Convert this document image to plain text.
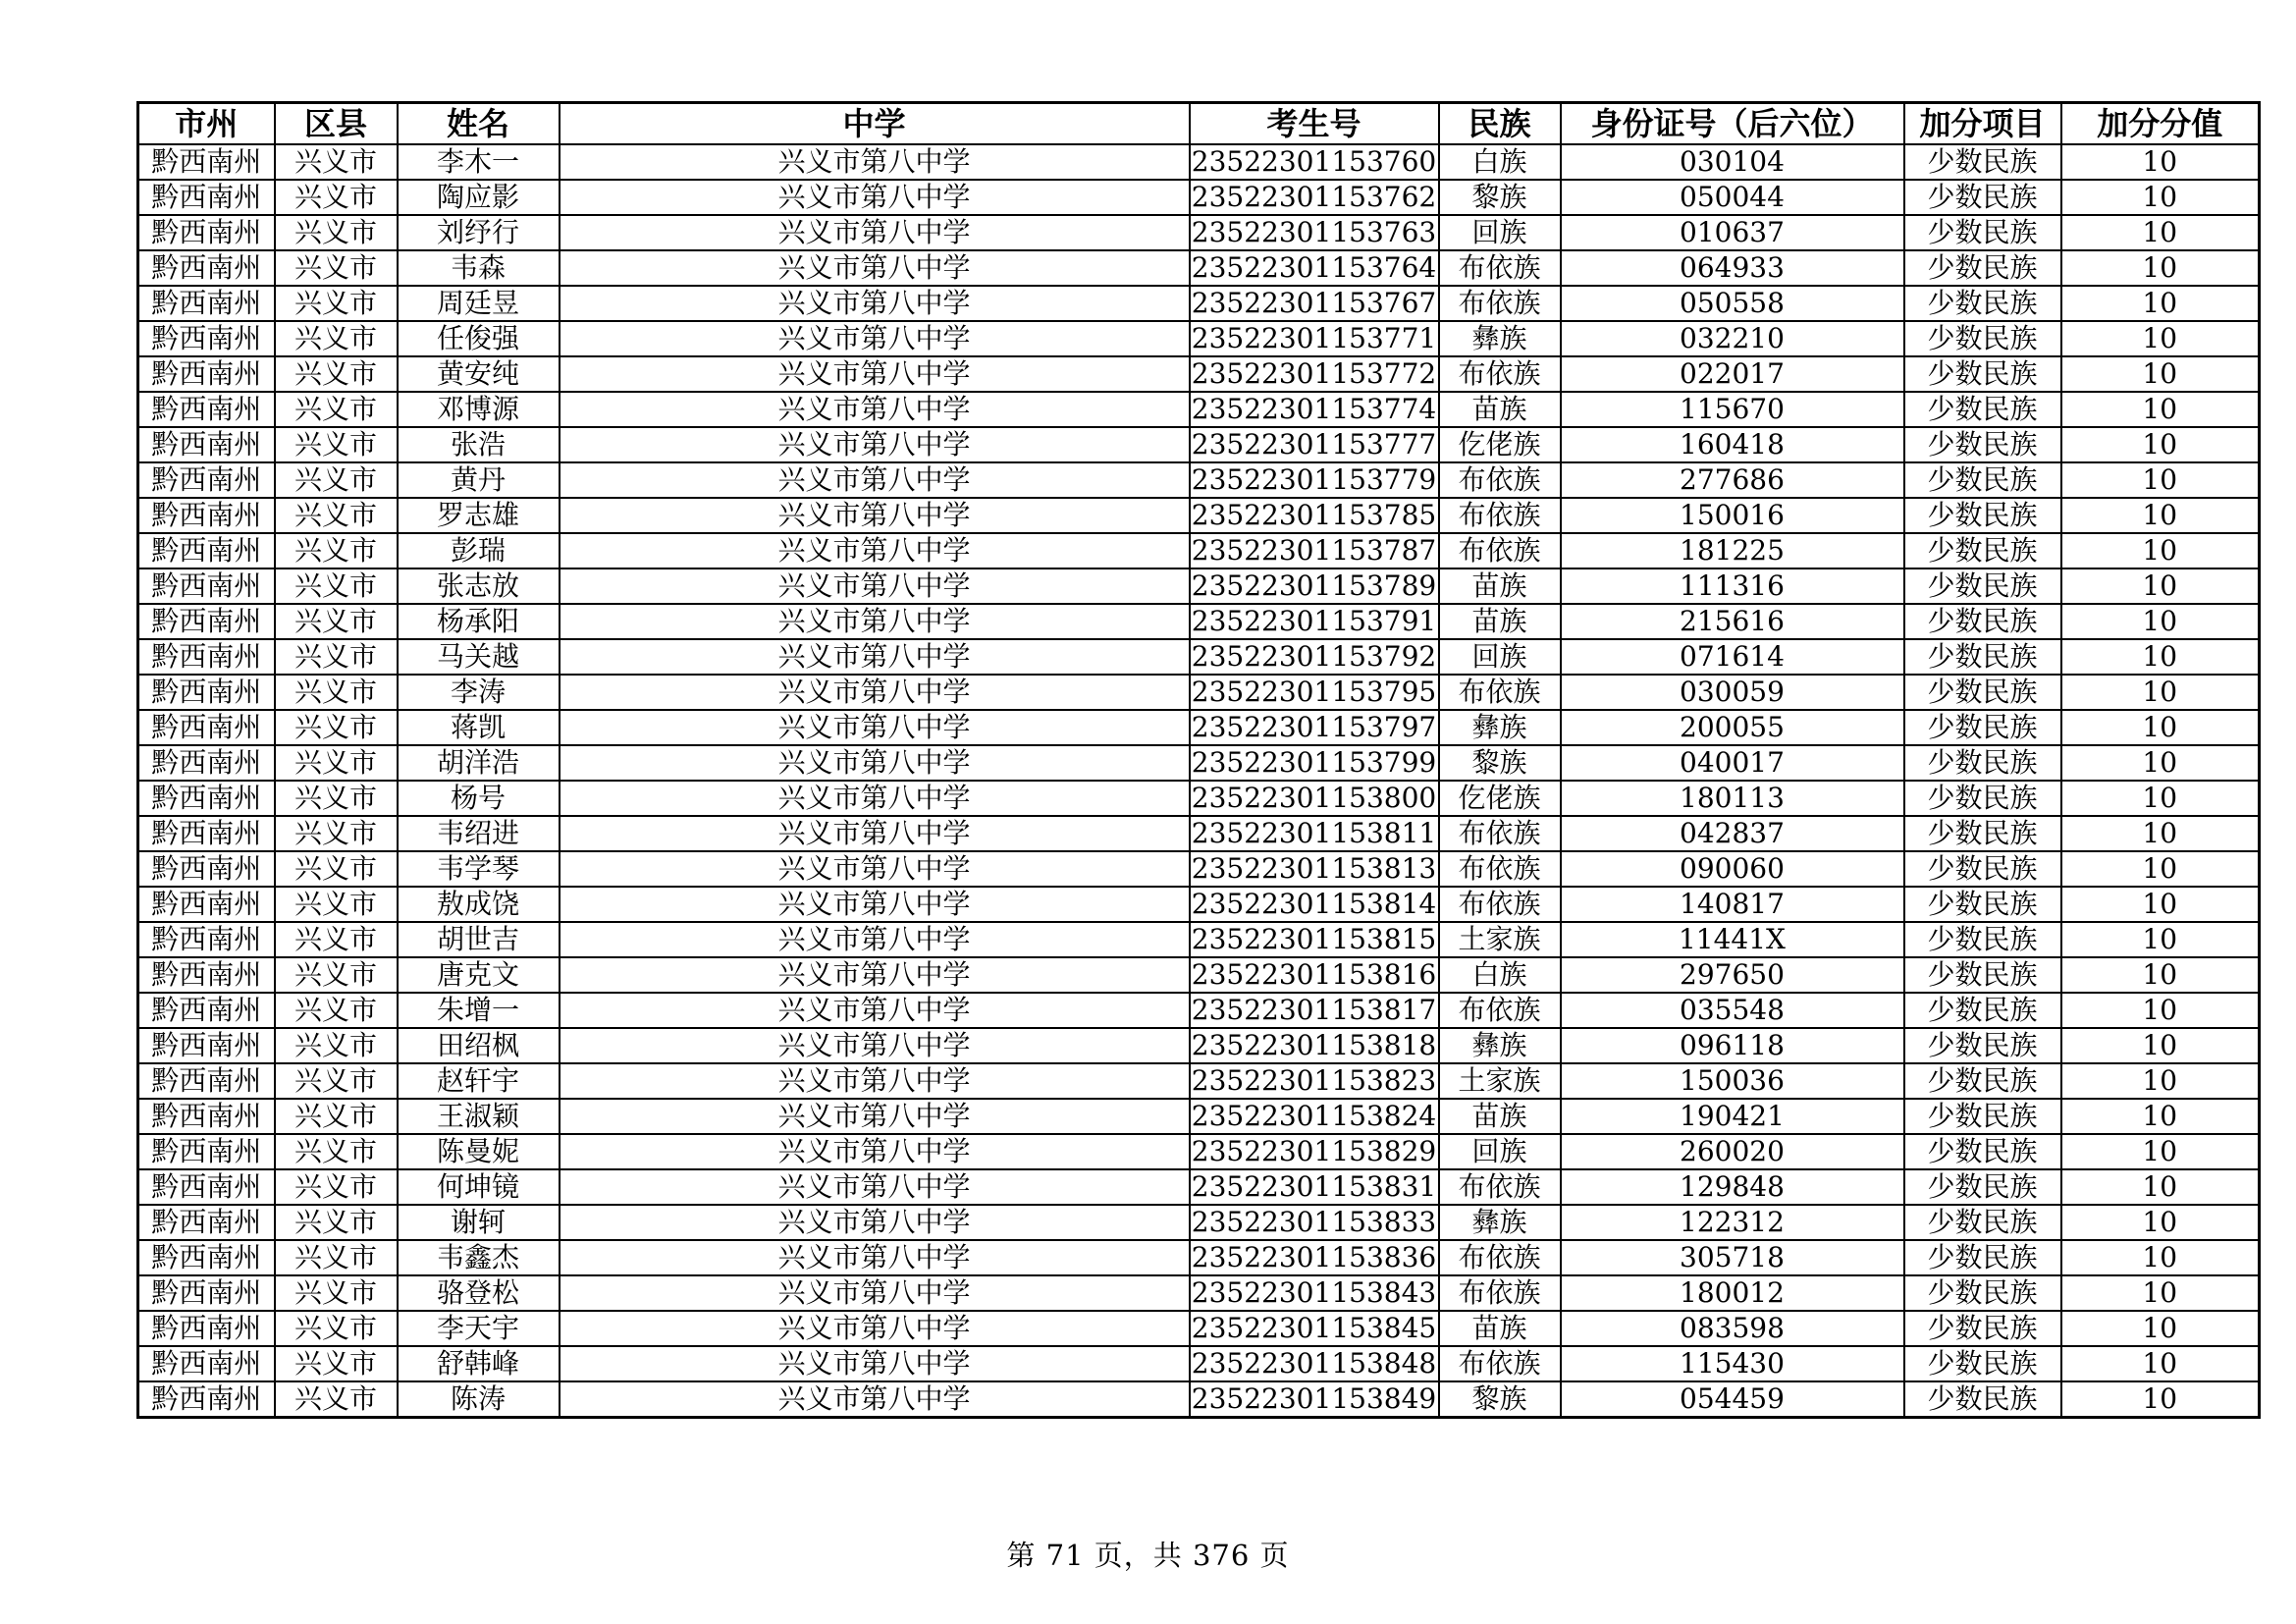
市州	区县	姓名	中学	考生号	民族	身份证号（后六位）	加分项目	加分分值
黔西南州	兴义市	李木一	兴义市第八中学	23522301153760	白族	030104	少数民族	10
黔西南州	兴义市	陶应影	兴义市第八中学	23522301153762	黎族	050044	少数民族	10
黔西南州	兴义市	刘纾行	兴义市第八中学	23522301153763	回族	010637	少数民族	10
黔西南州	兴义市	韦森	兴义市第八中学	23522301153764	布依族	064933	少数民族	10
黔西南州	兴义市	周廷昱	兴义市第八中学	23522301153767	布依族	050558	少数民族	10
黔西南州	兴义市	任俊强	兴义市第八中学	23522301153771	彝族	032210	少数民族	10
黔西南州	兴义市	黄安纯	兴义市第八中学	23522301153772	布依族	022017	少数民族	10
黔西南州	兴义市	邓博源	兴义市第八中学	23522301153774	苗族	115670	少数民族	10
黔西南州	兴义市	张浩	兴义市第八中学	23522301153777	仡佬族	160418	少数民族	10
黔西南州	兴义市	黄丹	兴义市第八中学	23522301153779	布依族	277686	少数民族	10
黔西南州	兴义市	罗志雄	兴义市第八中学	23522301153785	布依族	150016	少数民族	10
黔西南州	兴义市	彭瑞	兴义市第八中学	23522301153787	布依族	181225	少数民族	10
黔西南州	兴义市	张志放	兴义市第八中学	23522301153789	苗族	111316	少数民族	10
黔西南州	兴义市	杨承阳	兴义市第八中学	23522301153791	苗族	215616	少数民族	10
黔西南州	兴义市	马关越	兴义市第八中学	23522301153792	回族	071614	少数民族	10
黔西南州	兴义市	李涛	兴义市第八中学	23522301153795	布依族	030059	少数民族	10
黔西南州	兴义市	蒋凯	兴义市第八中学	23522301153797	彝族	200055	少数民族	10
黔西南州	兴义市	胡洋浩	兴义市第八中学	23522301153799	黎族	040017	少数民族	10
黔西南州	兴义市	杨号	兴义市第八中学	23522301153800	仡佬族	180113	少数民族	10
黔西南州	兴义市	韦绍进	兴义市第八中学	23522301153811	布依族	042837	少数民族	10
黔西南州	兴义市	韦学琴	兴义市第八中学	23522301153813	布依族	090060	少数民族	10
黔西南州	兴义市	敖成饶	兴义市第八中学	23522301153814	布依族	140817	少数民族	10
黔西南州	兴义市	胡世吉	兴义市第八中学	23522301153815	土家族	11441X	少数民族	10
黔西南州	兴义市	唐克文	兴义市第八中学	23522301153816	白族	297650	少数民族	10
黔西南州	兴义市	朱增一	兴义市第八中学	23522301153817	布依族	035548	少数民族	10
黔西南州	兴义市	田绍枫	兴义市第八中学	23522301153818	彝族	096118	少数民族	10
黔西南州	兴义市	赵轩宇	兴义市第八中学	23522301153823	土家族	150036	少数民族	10
黔西南州	兴义市	王淑颖	兴义市第八中学	23522301153824	苗族	190421	少数民族	10
黔西南州	兴义市	陈曼妮	兴义市第八中学	23522301153829	回族	260020	少数民族	10
黔西南州	兴义市	何坤镜	兴义市第八中学	23522301153831	布依族	129848	少数民族	10
黔西南州	兴义市	谢轲	兴义市第八中学	23522301153833	彝族	122312	少数民族	10
黔西南州	兴义市	韦鑫杰	兴义市第八中学	23522301153836	布依族	305718	少数民族	10
黔西南州	兴义市	骆登松	兴义市第八中学	23522301153843	布依族	180012	少数民族	10
黔西南州	兴义市	李天宇	兴义市第八中学	23522301153845	苗族	083598	少数民族	10
黔西南州	兴义市	舒韩峰	兴义市第八中学	23522301153848	布依族	115430	少数民族	10
黔西南州	兴义市	陈涛	兴义市第八中学	23522301153849	黎族	054459	少数民族	10
第 71 页，共 376 页
